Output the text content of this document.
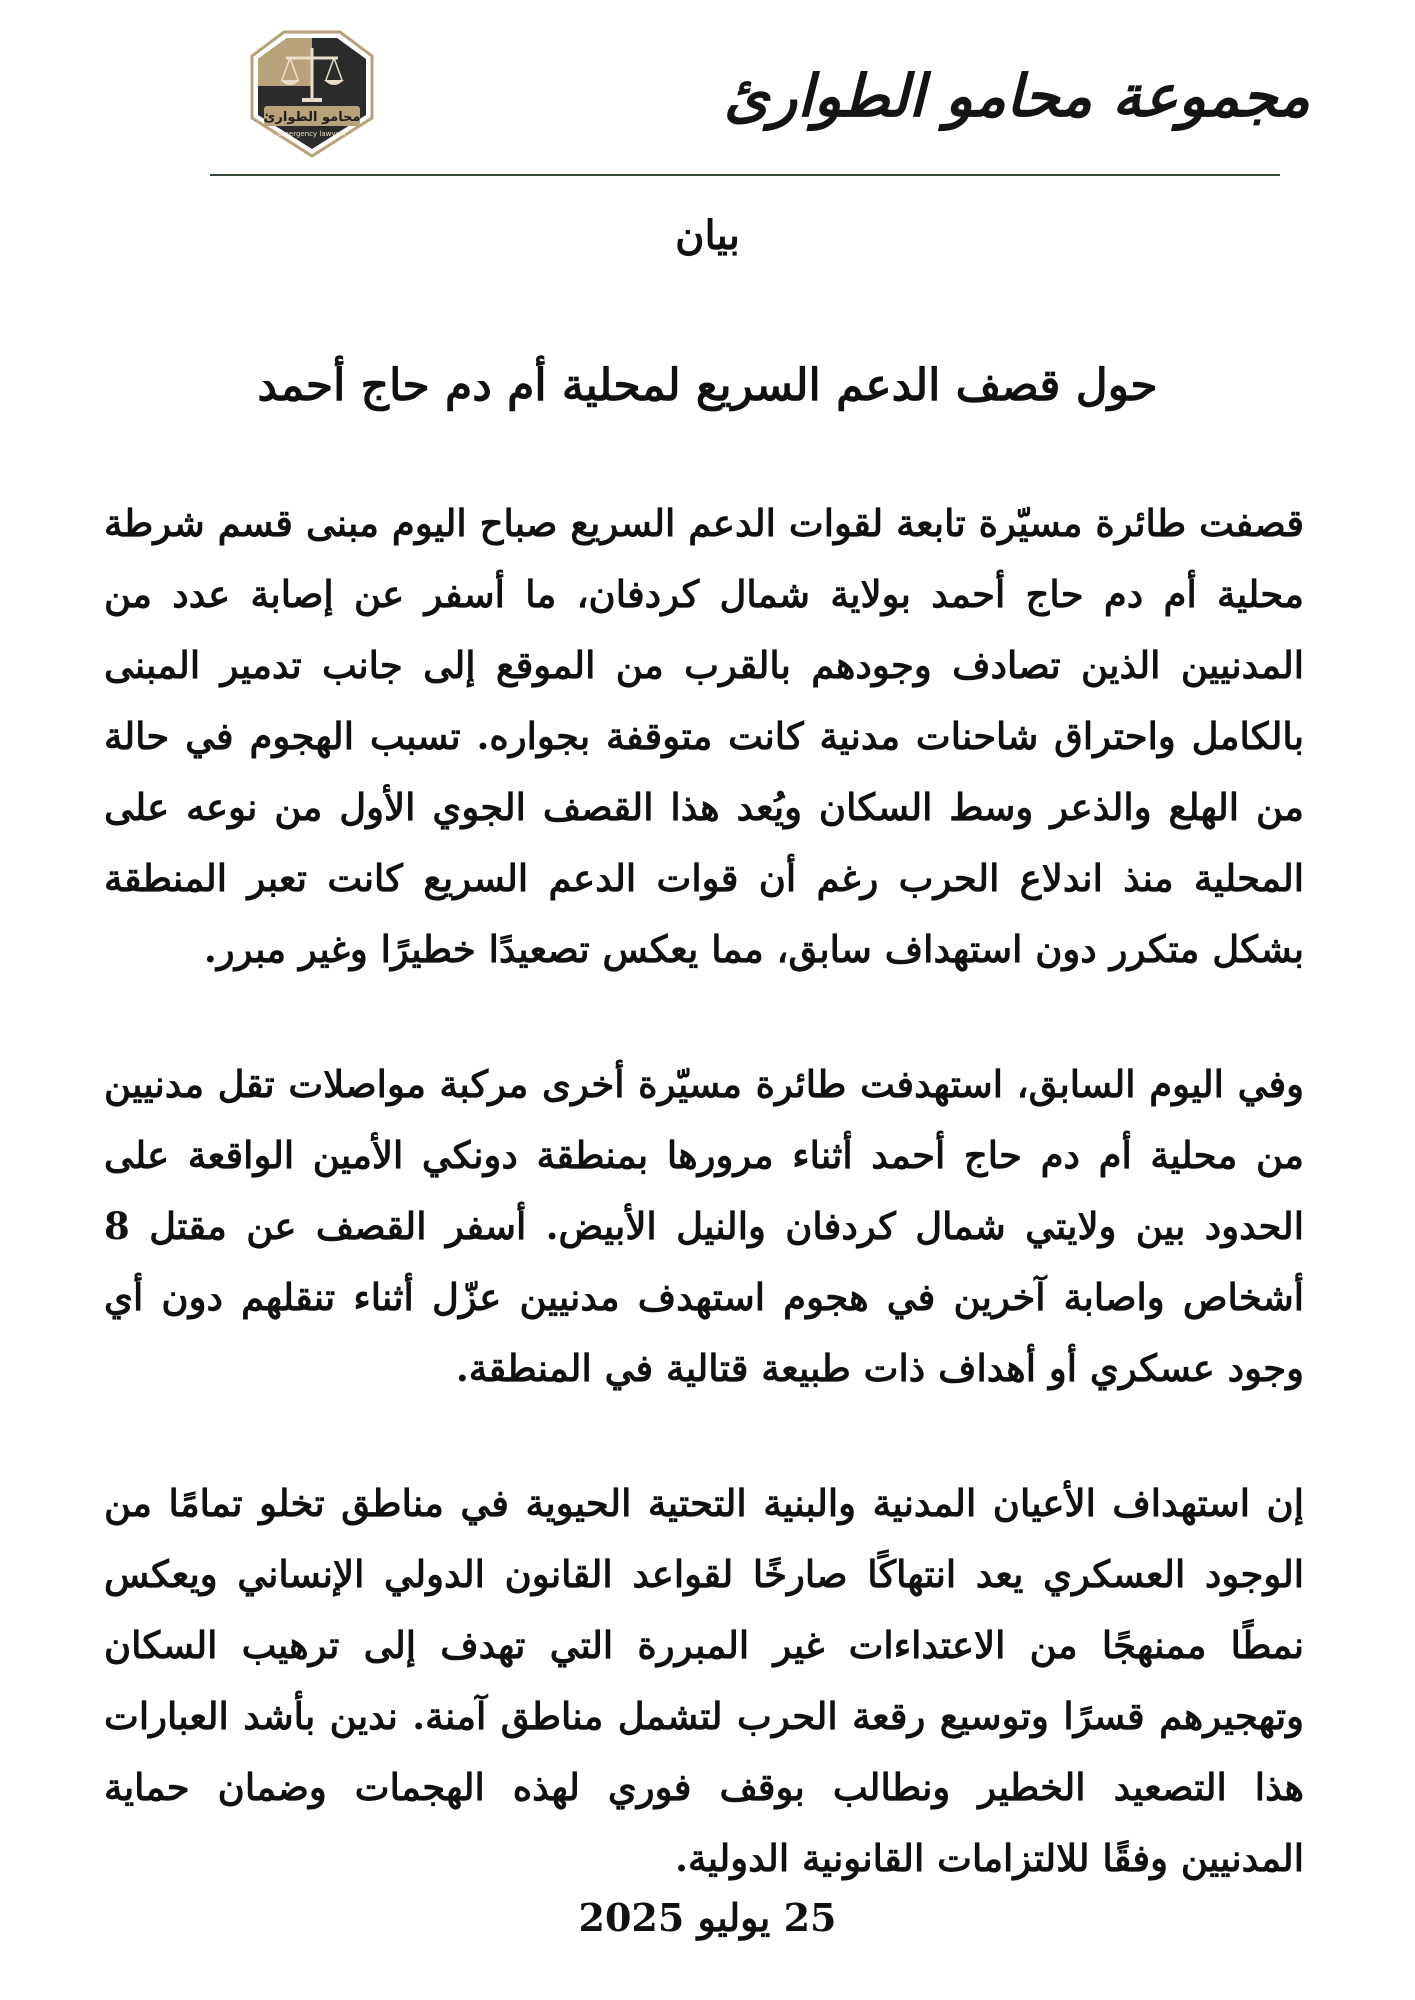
محامو الطوارئ
Emergency lawyers
مجموعة محامو الطوارئ
بيان
حول قصف الدعم السريع لمحلية أم دم حاج أحمد

قصفت طائرة مسيّرة تابعة لقوات الدعم السريع صباح اليوم مبنى قسم شرطة محلية أم دم حاج أحمد بولاية شمال كردفان، ما أسفر عن إصابة عدد من المدنيين الذين تصادف وجودهم بالقرب من الموقع إلى جانب تدمير المبنى بالكامل واحتراق شاحنات مدنية كانت متوقفة بجواره. تسبب الهجوم في حالة من الهلع والذعر وسط السكان ويُعد هذا القصف الجوي الأول من نوعه على المحلية منذ اندلاع الحرب رغم أن قوات الدعم السريع كانت تعبر المنطقة بشكل متكرر دون استهداف سابق، مما يعكس تصعيدًا خطيرًا وغير مبرر.

وفي اليوم السابق، استهدفت طائرة مسيّرة أخرى مركبة مواصلات تقل مدنيين من محلية أم دم حاج أحمد أثناء مرورها بمنطقة دونكي الأمين الواقعة على الحدود بين ولايتي شمال كردفان والنيل الأبيض. أسفر القصف عن مقتل 8 أشخاص واصابة آخرين في هجوم استهدف مدنيين عزّل أثناء تنقلهم دون أي وجود عسكري أو أهداف ذات طبيعة قتالية في المنطقة.

إن استهداف الأعيان المدنية والبنية التحتية الحيوية في مناطق تخلو تمامًا من الوجود العسكري يعد انتهاكًا صارخًا لقواعد القانون الدولي الإنساني ويعكس نمطًا ممنهجًا من الاعتداءات غير المبررة التي تهدف إلى ترهيب السكان وتهجيرهم قسرًا وتوسيع رقعة الحرب لتشمل مناطق آمنة. ندين بأشد العبارات هذا التصعيد الخطير ونطالب بوقف فوري لهذه الهجمات وضمان حماية المدنيين وفقًا للالتزامات القانونية الدولية.

25 يوليو 2025
